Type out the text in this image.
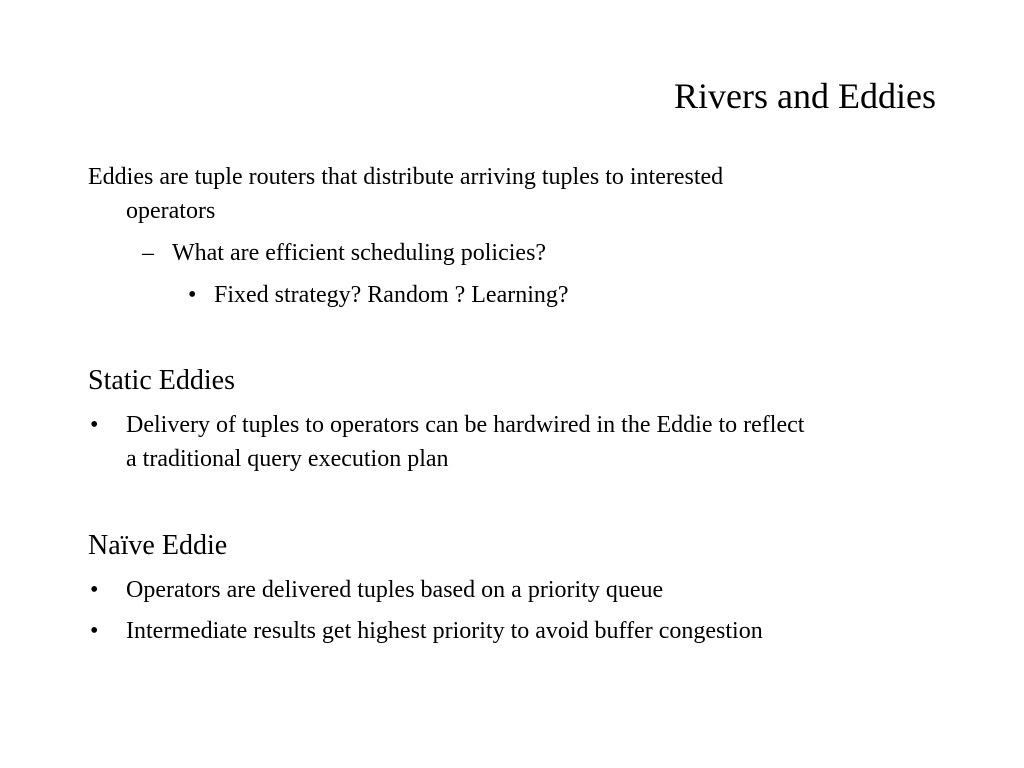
Rivers and Eddies
Eddies are tuple routers that distribute arriving tuples to interested
operators
– What are efficient scheduling policies?
• Fixed strategy? Random ? Learning?
Static Eddies
• Delivery of tuples to operators can be hardwired in the Eddie to reflect
a traditional query execution plan
Naïve Eddie
• Operators are delivered tuples based on a priority queue
• Intermediate results get highest priority to avoid buffer congestion
